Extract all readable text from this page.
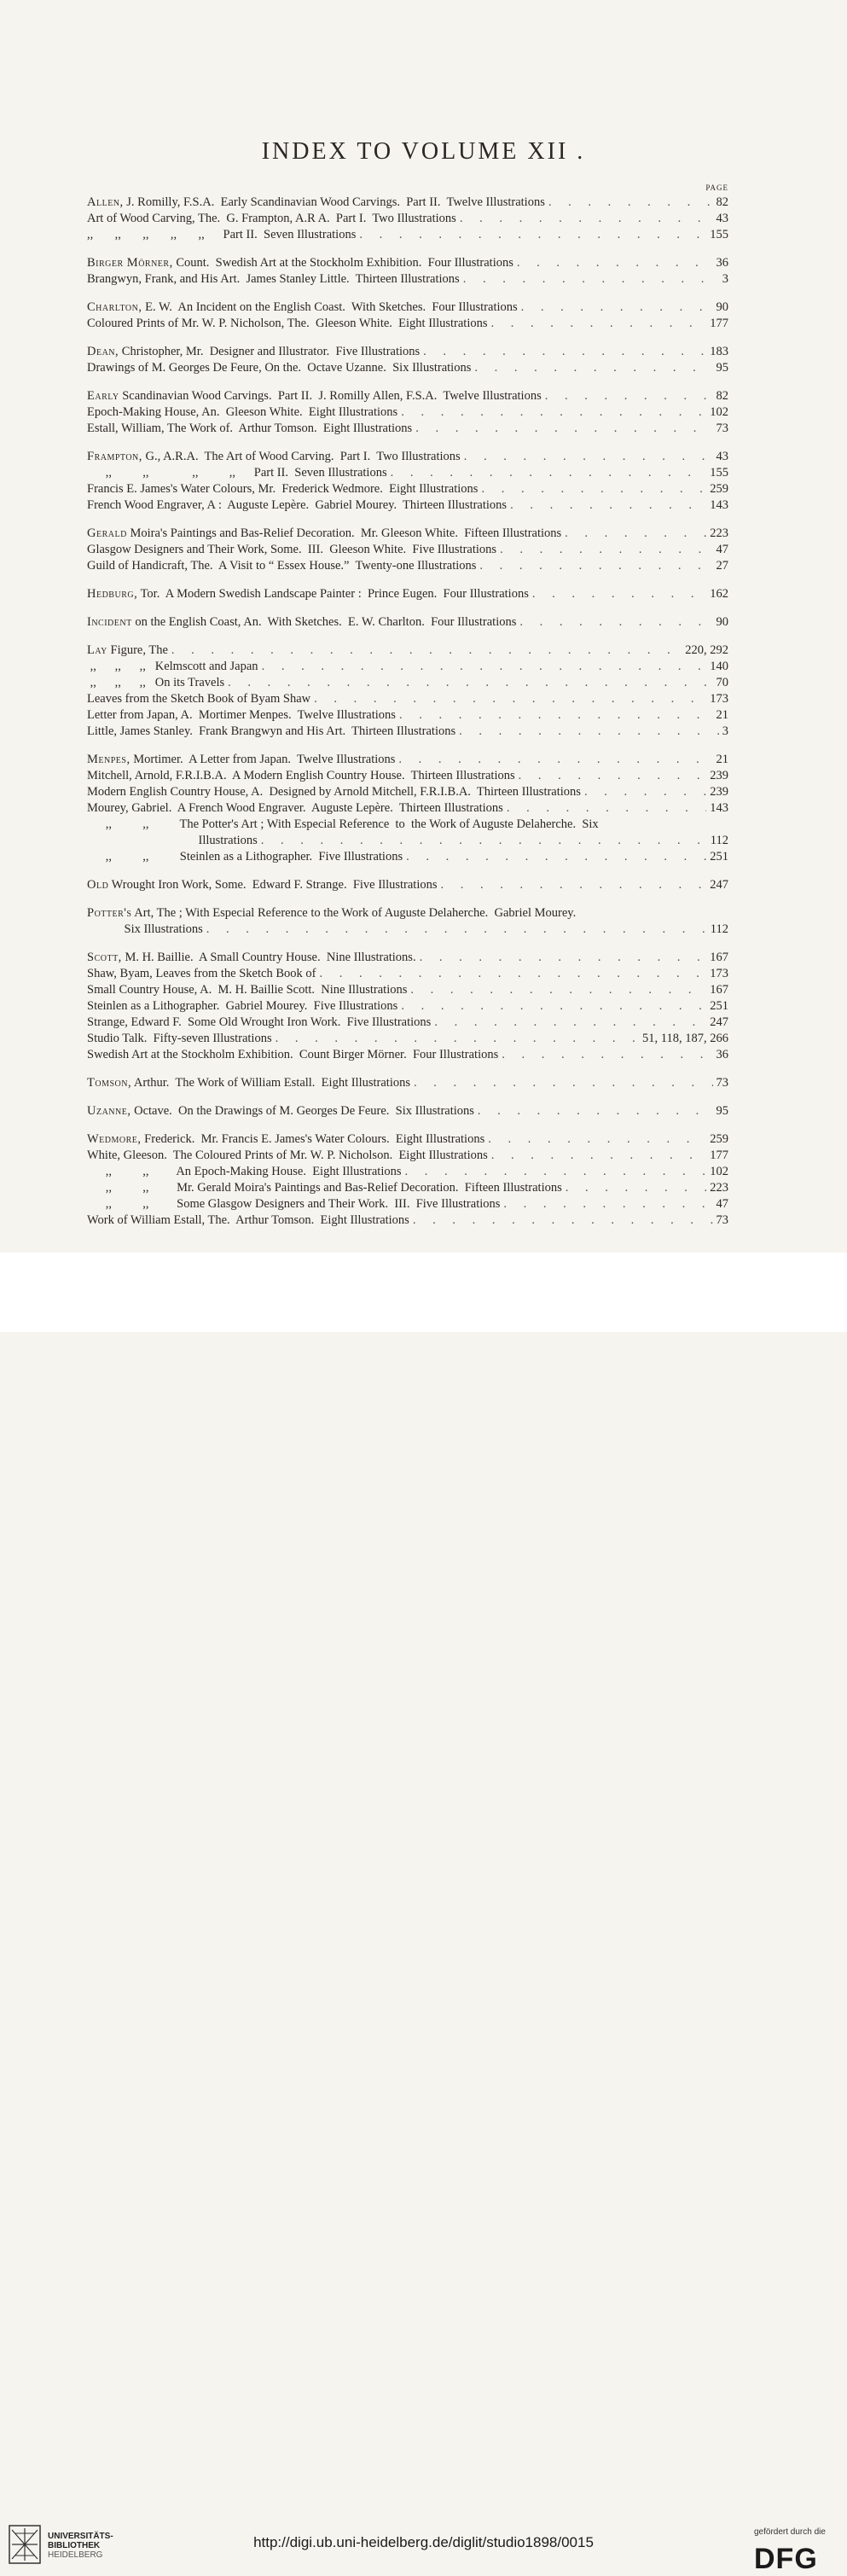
INDEX TO VOLUME XII .
PAGE
Allen, J. Romilly, F.S.A.  Early Scandinavian Wood Carvings.  Part II.  Twelve Illustrations . . .	82
Art of Wood Carving, The.  G. Frampton, A.R A.  Part I.  Two Illustrations . . .	43
,,       ,,       ,,       ,,       ,,      Part II.  Seven Illustrations . . .	155
Birger Mörner, Count.  Swedish Art at the Stockholm Exhibition.  Four Illustrations . . .	36
Brangwyn, Frank, and His Art.  James Stanley Little.  Thirteen Illustrations . . .	3
Charlton, E. W.  An Incident on the English Coast.  With Sketches.  Four Illustrations . . .	90
Coloured Prints of Mr. W. P. Nicholson, The.  Gleeson White.  Eight Illustrations . . .	177
Dean, Christopher, Mr.  Designer and Illustrator.  Five Illustrations . . .	183
Drawings of M. Georges De Feure, On the.  Octave Uzanne.  Six Illustrations . . .	95
Early Scandinavian Wood Carvings.  Part II.  J. Romilly Allen, F.S.A.  Twelve Illustrations . . .	82
Epoch-Making House, An.  Gleeson White.  Eight Illustrations . . .	102
Estall, William, The Work of.  Arthur Tomson.  Eight Illustrations . . .	73
Frampton, G., A.R.A.  The Art of Wood Carving.  Part I.  Two Illustrations . . .	43
,,          ,,              ,,          ,,      Part II.  Seven Illustrations . . .	155
Francis E. James's Water Colours, Mr.  Frederick Wedmore.  Eight Illustrations . . .	259
French Wood Engraver, A :  Auguste Lepère.  Gabriel Mourey.  Thirteen Illustrations . . .	143
Gerald Moira's Paintings and Bas-Relief Decoration.  Mr. Gleeson White.  Fifteen Illustrations . . .	223
Glasgow Designers and Their Work, Some.  III.  Gleeson White.  Five Illustrations . . .	47
Guild of Handicraft, The.  A Visit to “ Essex House.”  Twenty-one Illustrations . . .	27
Hedburg, Tor.  A Modern Swedish Landscape Painter :  Prince Eugen.  Four Illustrations . . .	162
Incident on the English Coast, An.  With Sketches.  E. W. Charlton.  Four Illustrations . . .	90
Lay Figure, The . . .	220, 292
,,      ,,      ,,   Kelmscott and Japan . . .	140
,,      ,,      ,,   On its Travels . . .	70
Leaves from the Sketch Book of Byam Shaw . . .	173
Letter from Japan, A.  Mortimer Menpes.  Twelve Illustrations . . .	21
Little, James Stanley.  Frank Brangwyn and His Art.  Thirteen Illustrations . . .	3
Menpes, Mortimer.  A Letter from Japan.  Twelve Illustrations . . .	21
Mitchell, Arnold, F.R.I.B.A.  A Modern English Country House.  Thirteen Illustrations . . .	239
Modern English Country House, A.  Designed by Arnold Mitchell, F.R.I.B.A.  Thirteen Illustrations . . .	239
Mourey, Gabriel.  A French Wood Engraver.  Auguste Lepère.  Thirteen Illustrations . . .	143
,,          ,,          The Potter's Art ; With Especial Reference  to  the Work of Auguste Delaherche.  Six
Illustrations . . .	112
,,          ,,          Steinlen as a Lithographer.  Five Illustrations . . .	251
Old Wrought Iron Work, Some.  Edward F. Strange.  Five Illustrations . . .	247
Potter's Art, The ; With Especial Reference to the Work of Auguste Delaherche.  Gabriel Mourey.
Six Illustrations . . .	112
Scott, M. H. Baillie.  A Small Country House.  Nine Illustrations. . . .	167
Shaw, Byam, Leaves from the Sketch Book of . . .	173
Small Country House, A.  M. H. Baillie Scott.  Nine Illustrations . . .	167
Steinlen as a Lithographer.  Gabriel Mourey.  Five Illustrations . . .	251
Strange, Edward F.  Some Old Wrought Iron Work.  Five Illustrations . . .	247
Studio Talk.  Fifty-seven Illustrations . . .	51, 118, 187, 266
Swedish Art at the Stockholm Exhibition.  Count Birger Mörner.  Four Illustrations . . .	36
Tomson, Arthur.  The Work of William Estall.  Eight Illustrations . . .	73
Uzanne, Octave.  On the Drawings of M. Georges De Feure.  Six Illustrations . . .	95
Wedmore, Frederick.  Mr. Francis E. James's Water Colours.  Eight Illustrations . . .	259
White, Gleeson.  The Coloured Prints of Mr. W. P. Nicholson.  Eight Illustrations . . .	177
,,          ,,         An Epoch-Making House.  Eight Illustrations . . .	102
,,          ,,         Mr. Gerald Moira's Paintings and Bas-Relief Decoration.  Fifteen Illustrations . . .	223
,,          ,,         Some Glasgow Designers and Their Work.  III.  Five Illustrations . . .	47
Work of William Estall, The.  Arthur Tomson.  Eight Illustrations . . .	73
UNIVERSITÄTS-
BIBLIOTHEK
HEIDELBERG
http://digi.ub.uni-heidelberg.de/diglit/studio1898/0015
gefördert durch die
DFG
